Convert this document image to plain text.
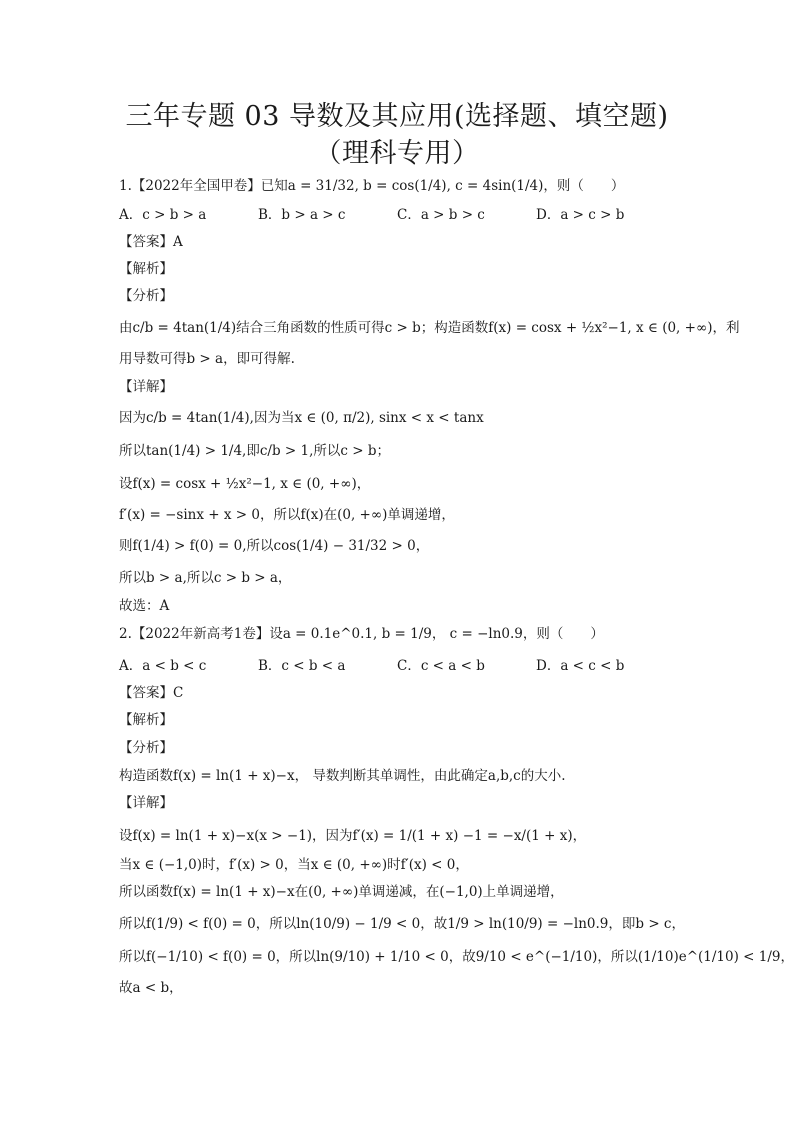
三年专题 03 导数及其应用(选择题、填空题)
（理科专用）
1.【2022年全国甲卷】已知a = 31/32, b = cos(1/4), c = 4sin(1/4)，则（　　）
A．c > b > a	B．b > a > c	C．a > b > c	D．a > c > b
【答案】A
【解析】
【分析】
由c/b = 4tan(1/4)结合三角函数的性质可得c > b；构造函数f(x) = cosx + ½x²−1, x ∈ (0, +∞)，利
用导数可得b > a，即可得解.
【详解】
因为c/b = 4tan(1/4),因为当x ∈ (0, π/2), sinx < x < tanx
所以tan(1/4) > 1/4,即c/b > 1,所以c > b；
设f(x) = cosx + ½x²−1, x ∈ (0, +∞)，
f′(x) = −sinx + x > 0，所以f(x)在(0, +∞)单调递增，
则f(1/4) > f(0) = 0,所以cos(1/4) − 31/32 > 0，
所以b > a,所以c > b > a，
故选：A
2.【2022年新高考1卷】设a = 0.1e^0.1, b = 1/9， c = −ln0.9，则（　　）
A．a < b < c	B．c < b < a	C．c < a < b	D．a < c < b
【答案】C
【解析】
【分析】
构造函数f(x) = ln(1 + x)−x， 导数判断其单调性，由此确定a,b,c的大小.
【详解】
设f(x) = ln(1 + x)−x(x > −1)，因为f′(x) = 1/(1 + x) −1 = −x/(1 + x)，
当x ∈ (−1,0)时，f′(x) > 0，当x ∈ (0, +∞)时f′(x) < 0，
所以函数f(x) = ln(1 + x)−x在(0, +∞)单调递减，在(−1,0)上单调递增，
所以f(1/9) < f(0) = 0，所以ln(10/9) − 1/9 < 0，故1/9 > ln(10/9) = −ln0.9，即b > c，
所以f(−1/10) < f(0) = 0，所以ln(9/10) + 1/10 < 0，故9/10 < e^(−1/10)，所以(1/10)e^(1/10) < 1/9，
故a < b，
